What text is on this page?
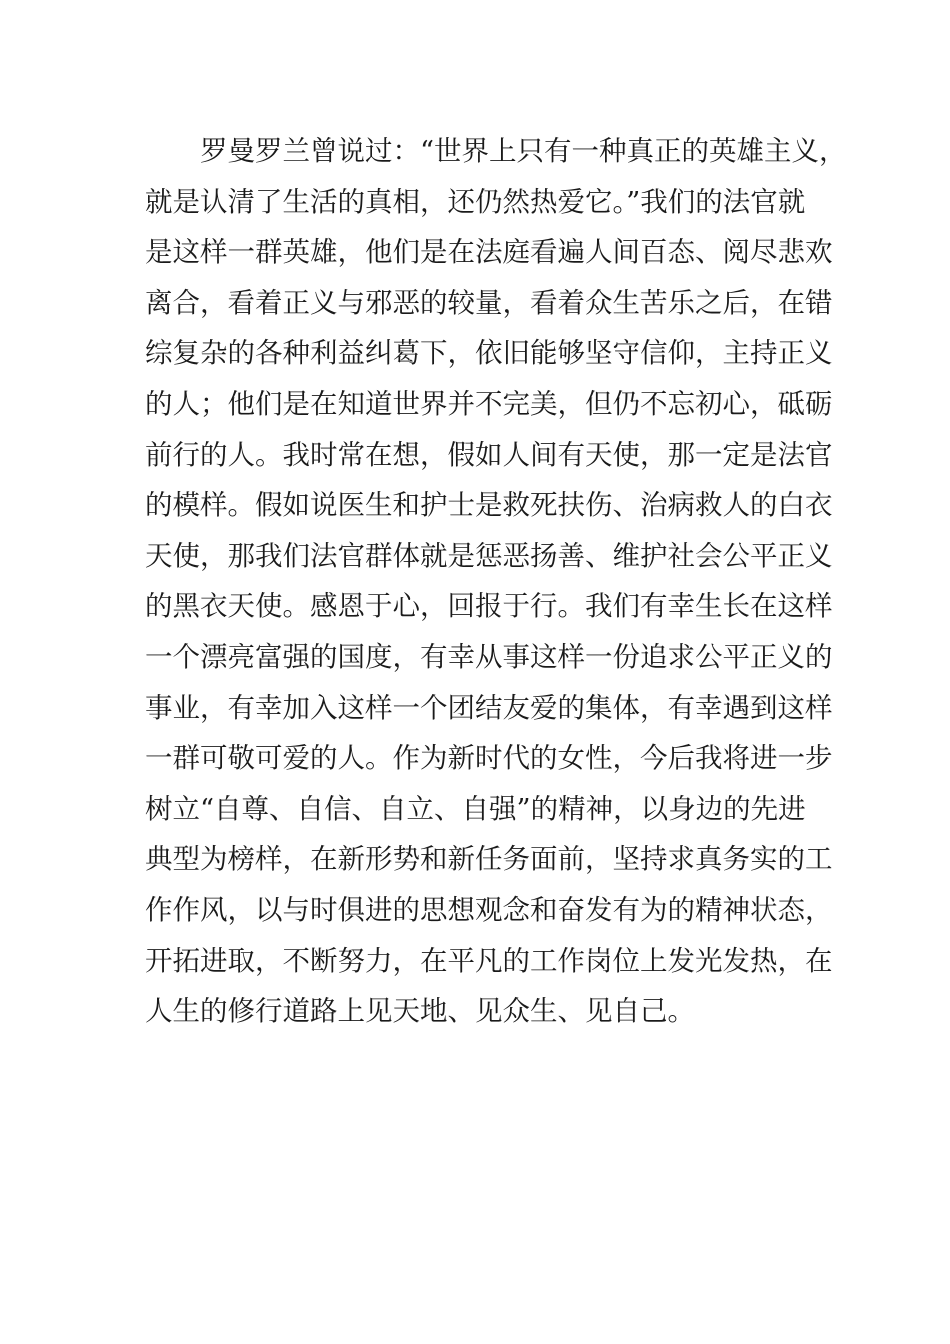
罗曼罗兰曾说过：“世界上只有一种真正的英雄主义，
就是认清了生活的真相，还仍然热爱它。”我们的法官就
是这样一群英雄，他们是在法庭看遍人间百态、阅尽悲欢
离合，看着正义与邪恶的较量，看着众生苦乐之后，在错
综复杂的各种利益纠葛下，依旧能够坚守信仰，主持正义
的人；他们是在知道世界并不完美，但仍不忘初心，砥砺
前行的人。我时常在想，假如人间有天使，那一定是法官
的模样。假如说医生和护士是救死扶伤、治病救人的白衣
天使，那我们法官群体就是惩恶扬善、维护社会公平正义
的黑衣天使。感恩于心，回报于行。我们有幸生长在这样
一个漂亮富强的国度，有幸从事这样一份追求公平正义的
事业，有幸加入这样一个团结友爱的集体，有幸遇到这样
一群可敬可爱的人。作为新时代的女性，今后我将进一步
树立“自尊、自信、自立、自强”的精神，以身边的先进
典型为榜样，在新形势和新任务面前，坚持求真务实的工
作作风，以与时俱进的思想观念和奋发有为的精神状态，
开拓进取，不断努力，在平凡的工作岗位上发光发热，在
人生的修行道路上见天地、见众生、见自己。
